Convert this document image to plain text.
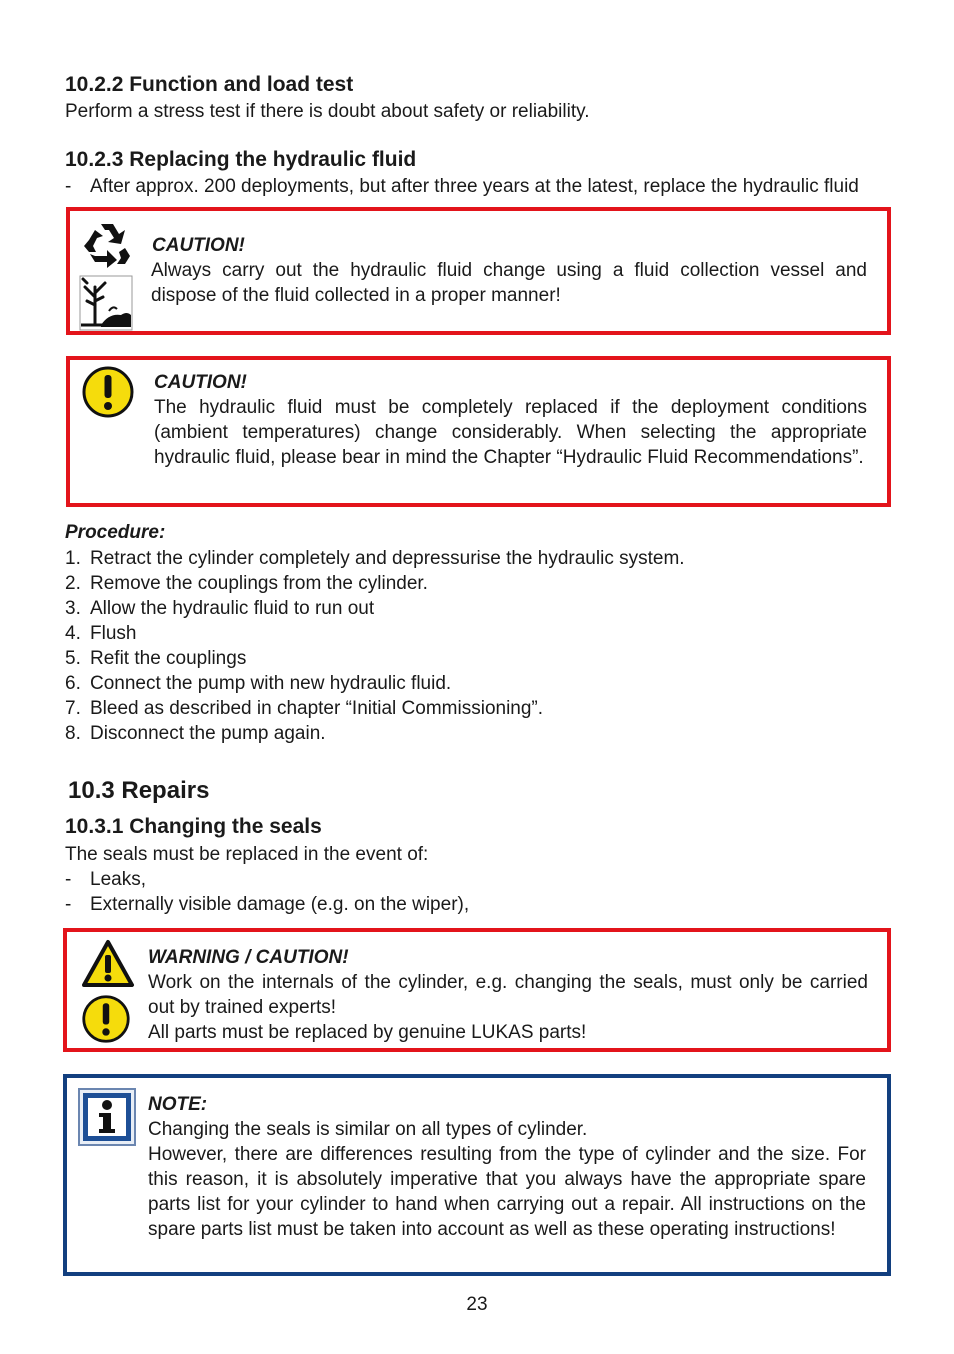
10.2.2 Function and load test
Perform a stress test if there is doubt about safety or reliability.
10.2.3 Replacing the hydraulic fluid
- After approx. 200 deployments, but after three years at the latest, replace the hydraulic fluid
CAUTION!
Always carry out the hydraulic fluid change using a fluid collection vessel and dispose of the fluid collected in a proper manner!
CAUTION!
The hydraulic fluid must be completely replaced if the deployment conditions (ambient temperatures) change considerably. When selecting the appropriate hydraulic fluid, please bear in mind the Chapter “Hydraulic Fluid Recommendations”.
Procedure:
1. Retract the cylinder completely and depressurise the hydraulic system.
2. Remove the couplings from the cylinder.
3. Allow the hydraulic fluid to run out
4. Flush
5. Refit the couplings
6. Connect the pump with new hydraulic fluid.
7. Bleed as described in chapter “Initial Commissioning”.
8. Disconnect the pump again.
10.3 Repairs
10.3.1 Changing the seals
The seals must be replaced in the event of:
- Leaks,
- Externally visible damage (e.g. on the wiper),
WARNING / CAUTION!
Work on the internals of the cylinder, e.g. changing the seals, must only be carried out by trained experts!
All parts must be replaced by genuine LUKAS parts!
NOTE:
Changing the seals is similar on all types of cylinder.
However, there are differences resulting from the type of cylinder and the size. For this reason, it is absolutely imperative that you always have the appropriate spare parts list for your cylinder to hand when carrying out a repair. All instructions on the spare parts list must be taken into account as well as these operating instructions!
23
